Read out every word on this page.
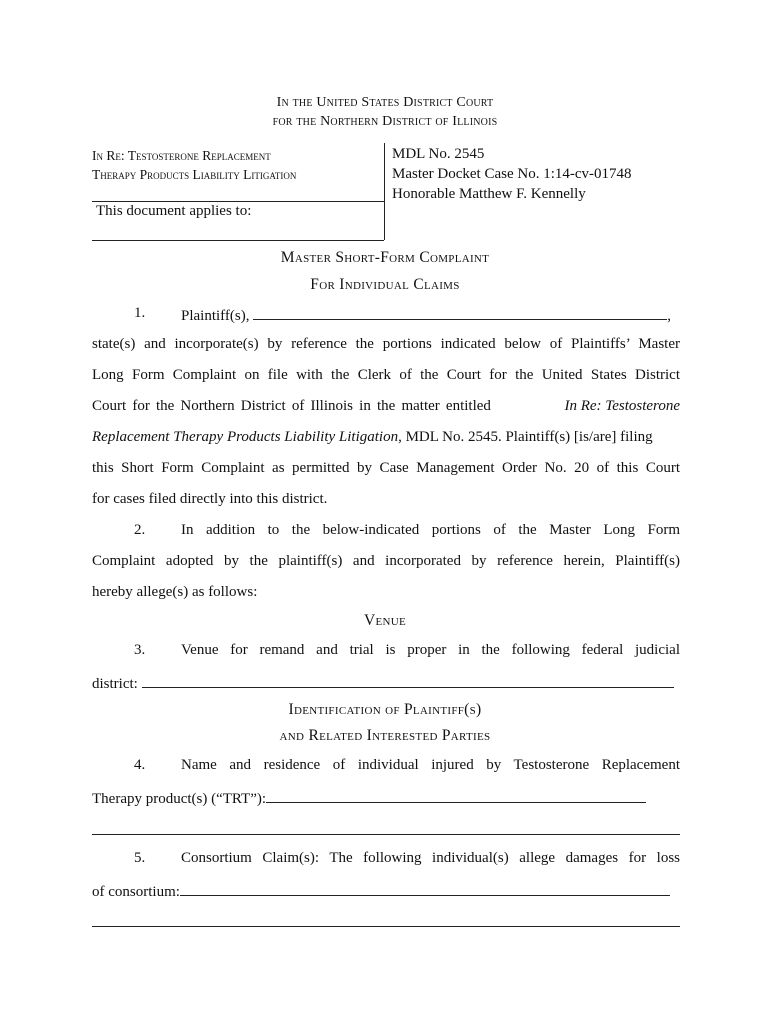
In the United States District Court
for the Northern District of Illinois
In Re: Testosterone Replacement
Therapy Products Liability Litigation
MDL No. 2545
Master Docket Case No. 1:14-cv-01748
Honorable Matthew F. Kennelly
This document applies to:
Master Short-Form Complaint
For Individual Claims
1. Plaintiff(s),	,
state(s) and incorporate(s) by reference the portions indicated below of Plaintiffs’ Master
Long Form Complaint on file with the Clerk of the Court for the United States District
Court for the Northern District of Illinois in the matter entitled	In Re: Testosterone
Replacement Therapy Products Liability Litigation, MDL No. 2545. Plaintiff(s) [is/are] filing
this Short Form Complaint as permitted by Case Management Order No. 20 of this Court
for cases filed directly into this district.
2. In addition to the below-indicated portions of the Master Long Form
Complaint adopted by the plaintiff(s) and incorporated by reference herein, Plaintiff(s)
hereby allege(s) as follows:
Venue
3. Venue for remand and trial is proper in the following federal judicial
district:
Identification of Plaintiff(s)
and Related Interested Parties
4. Name and residence of individual injured by Testosterone Replacement
Therapy product(s) (“TRT”):
5. Consortium Claim(s): The following individual(s) allege damages for loss
of consortium:
